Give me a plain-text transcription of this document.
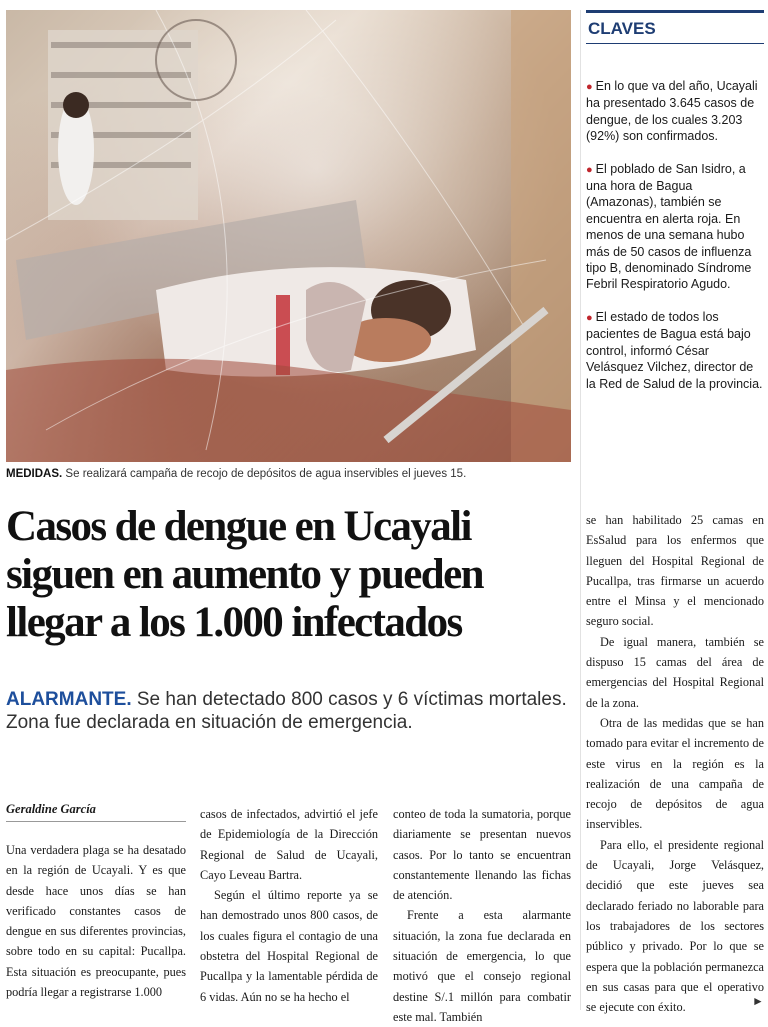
MEDIDAS. Se realizará campaña de recojo de depósitos de agua inservibles el jueves 15.
CLAVES
● En lo que va del año, Ucayali ha presentado 3.645 casos de dengue, de los cuales 3.203 (92%) son confirmados.
● El poblado de San Isidro, a una hora de Bagua (Amazonas), también se encuentra en alerta roja. En menos de una semana hubo más de 50 casos de influenza tipo B, denominado Síndrome Febril Respiratorio Agudo.
● El estado de todos los pacientes de Bagua está bajo control, informó César Velásquez Vilchez, director de la Red de Salud de la provincia.
Casos de dengue en Ucayali siguen en aumento y pueden llegar a los 1.000 infectados
ALARMANTE. Se han detectado 800 casos y 6 víctimas mortales. Zona fue declarada en situación de emergencia.
Geraldine García

Una verdadera plaga se ha desatado en la región de Ucayali. Y es que desde hace unos días se han verificado constantes casos de dengue en sus diferentes provincias, sobre todo en su capital: Pucallpa. Esta situación es preocupante, pues podría llegar a registrarse 1.000

casos de infectados, advirtió el jefe de Epidemiología de la Dirección Regional de Salud de Ucayali, Cayo Leveau Bartra.

Según el último reporte ya se han demostrado unos 800 casos, de los cuales figura el contagio de una obstetra del Hospital Regional de Pucallpa y la lamentable pérdida de 6 vidas. Aún no se ha hecho el

conteo de toda la sumatoria, porque diariamente se presentan nuevos casos. Por lo tanto se encuentran constantemente llenando las fichas de atención.

Frente a esta alarmante situación, la zona fue declarada en situación de emergencia, lo que motivó que el consejo regional destine S/.1 millón para combatir este mal. También

se han habilitado 25 camas en EsSalud para los enfermos que lleguen del Hospital Regional de Pucallpa, tras firmarse un acuerdo entre el Minsa y el mencionado seguro social.

De igual manera, también se dispuso 15 camas del área de emergencias del Hospital Regional de la zona.

Otra de las medidas que se han tomado para evitar el incremento de este virus en la región es la realización de una campaña de recojo de depósitos de agua inservibles.

Para ello, el presidente regional de Ucayali, Jorge Velásquez, decidió que este jueves sea declarado feriado no laborable para los trabajadores de los sectores público y privado. Por lo que se espera que la población permanezca en sus casas para que el operativo se ejecute con éxito.	►
